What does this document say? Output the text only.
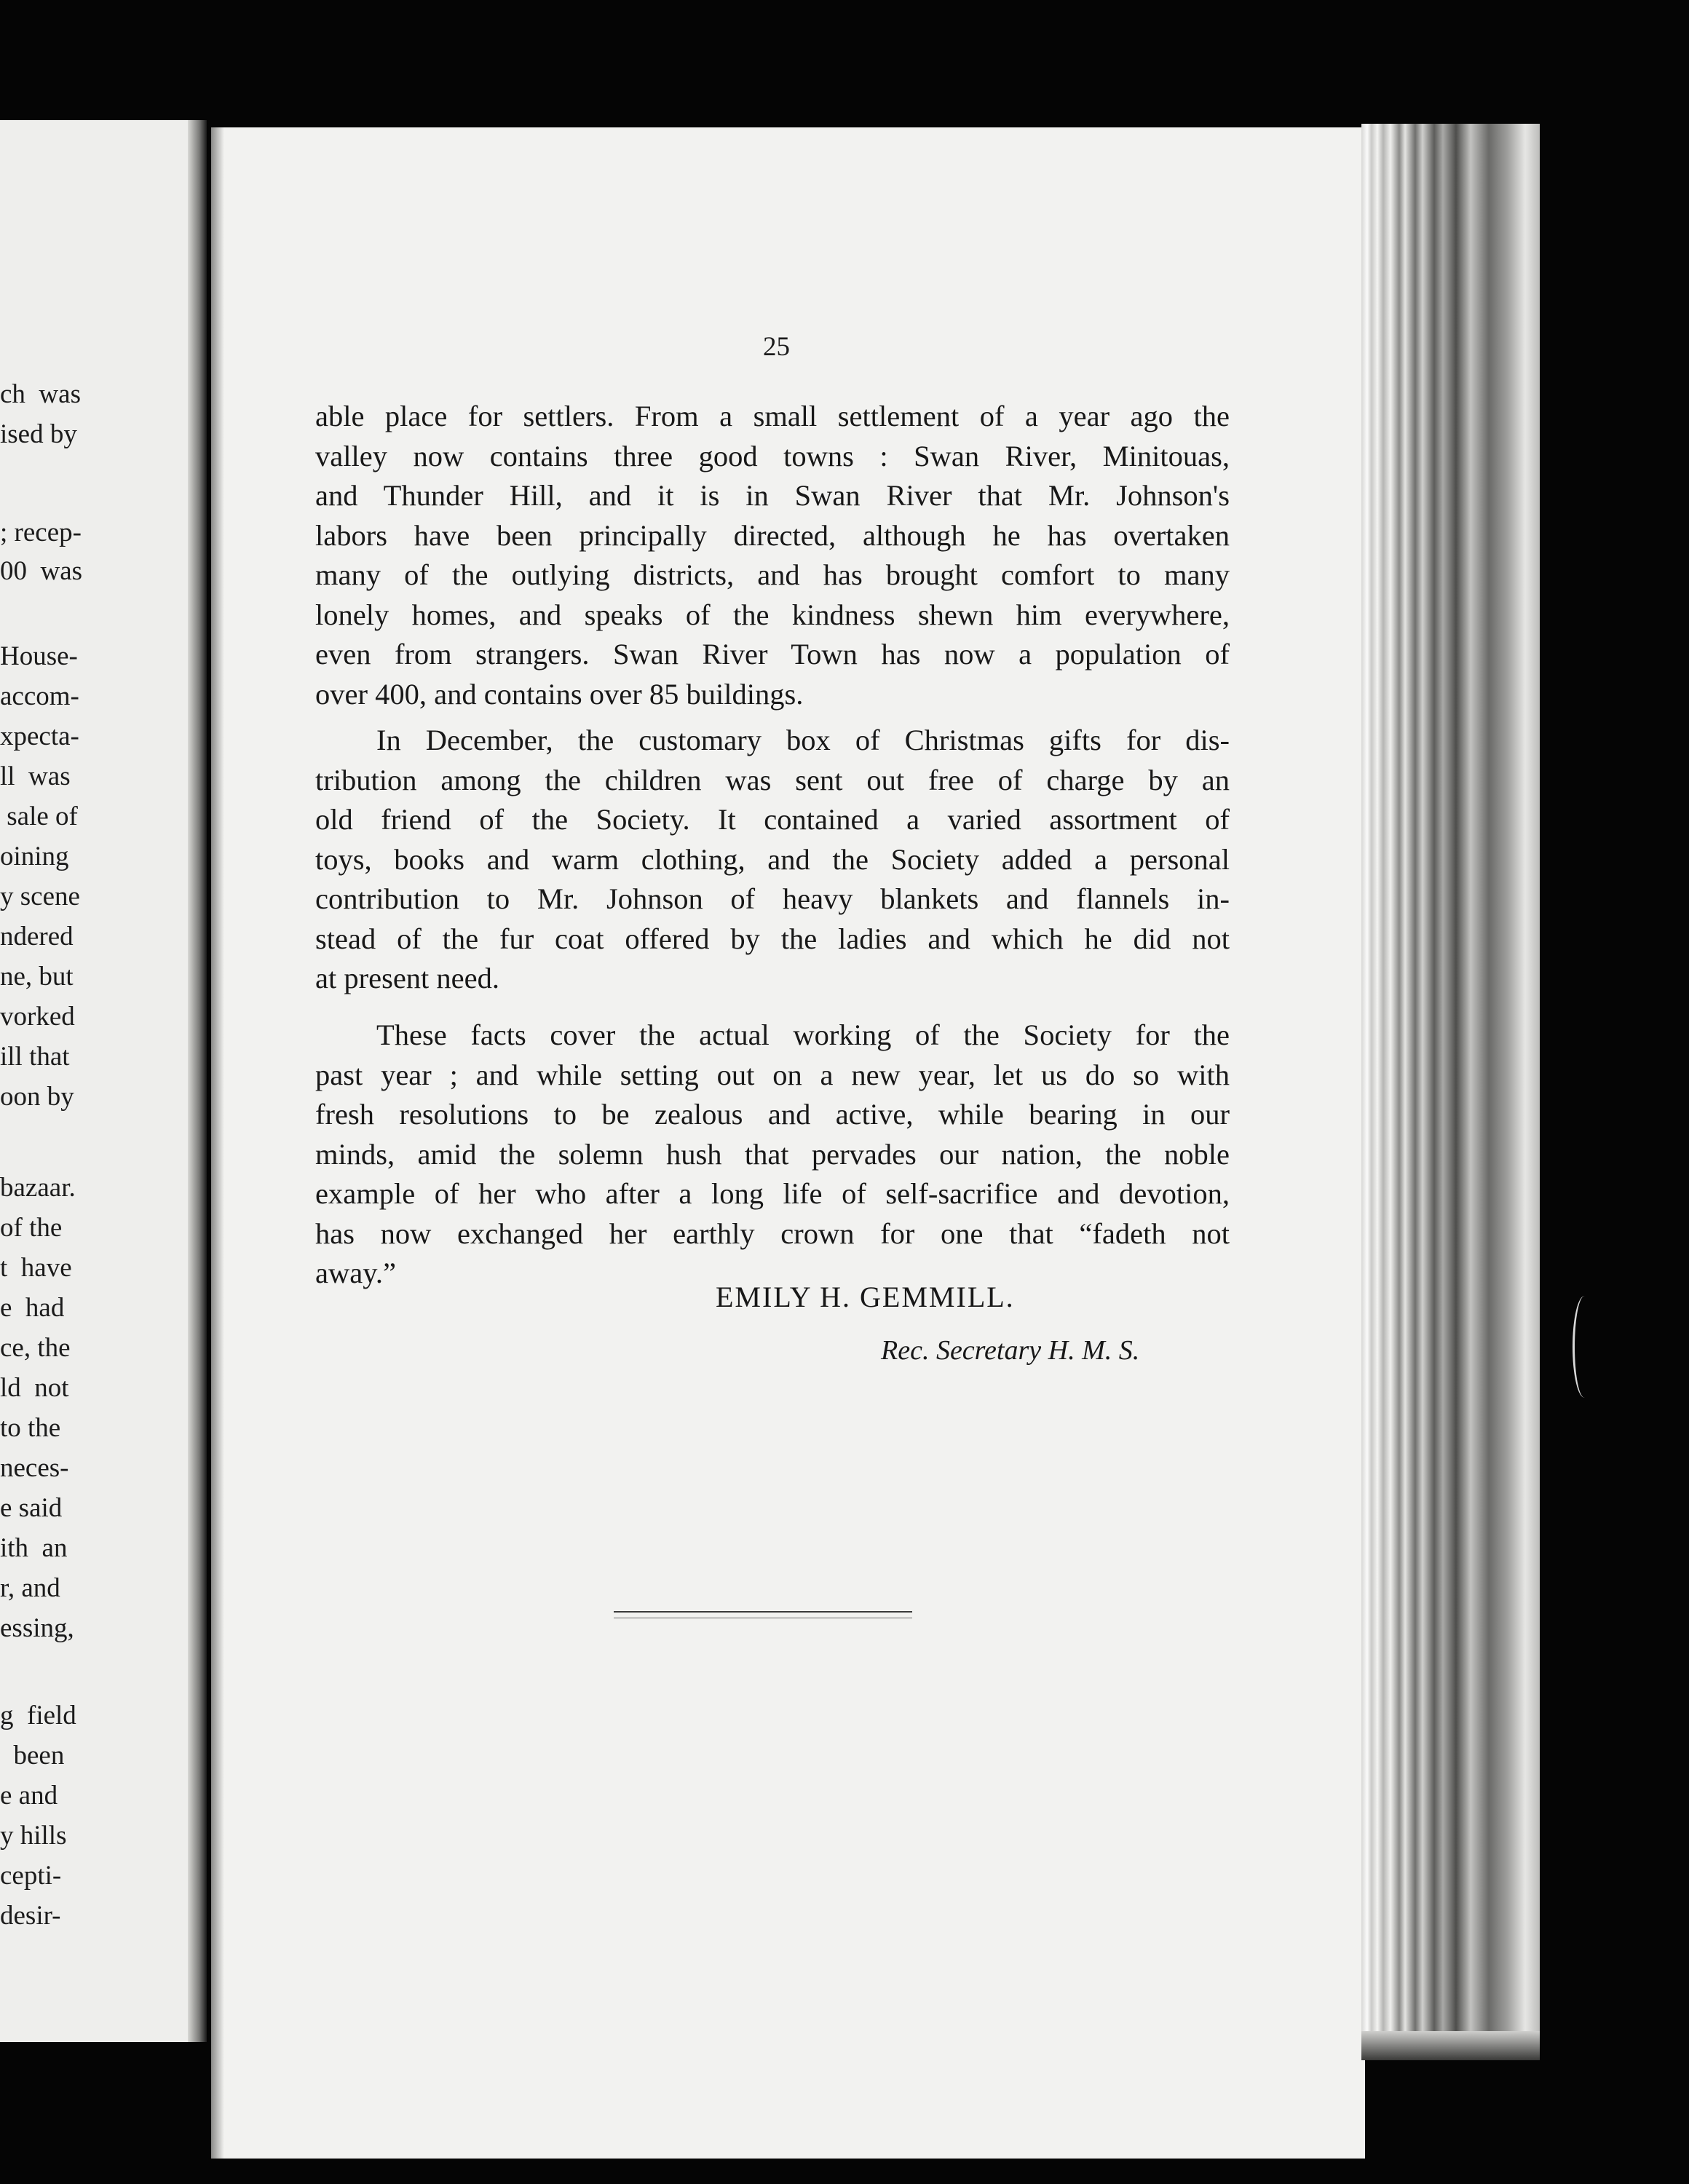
ch  was
ised by
; recep-
00  was
House-
accom-
xpecta-
ll  was
sale of
oining
y scene
ndered
ne, but
vorked
ill that
oon by
bazaar.
of the
t  have
e  had
ce, the
ld  not
to the
neces-
e said
ith  an
r, and
essing,
g  field
been
e and
y hills
cepti-
desir-
25
able place for settlers. From a small settlement of a year ago the
valley now contains three good towns : Swan River, Minitouas,
and Thunder Hill, and it is in Swan River that Mr. Johnson's
labors have been principally directed, although he has overtaken
many of the outlying districts, and has brought comfort to many
lonely homes, and speaks of the kindness shewn him everywhere,
even from strangers. Swan River Town has now a population of
over 400, and contains over 85 buildings.
In December, the customary box of Christmas gifts for dis-
tribution among the children was sent out free of charge by an
old friend of the Society. It contained a varied assortment of
toys, books and warm clothing, and the Society added a personal
contribution to Mr. Johnson of heavy blankets and flannels in-
stead of the fur coat offered by the ladies and which he did not
at present need.
These facts cover the actual working of the Society for the
past year ; and while setting out on a new year, let us do so with
fresh resolutions to be zealous and active, while bearing in our
minds, amid the solemn hush that pervades our nation, the noble
example of her who after a long life of self-sacrifice and devotion,
has now exchanged her earthly crown for one that “fadeth not
away.”
EMILY H. GEMMILL.
Rec. Secretary H. M. S.
